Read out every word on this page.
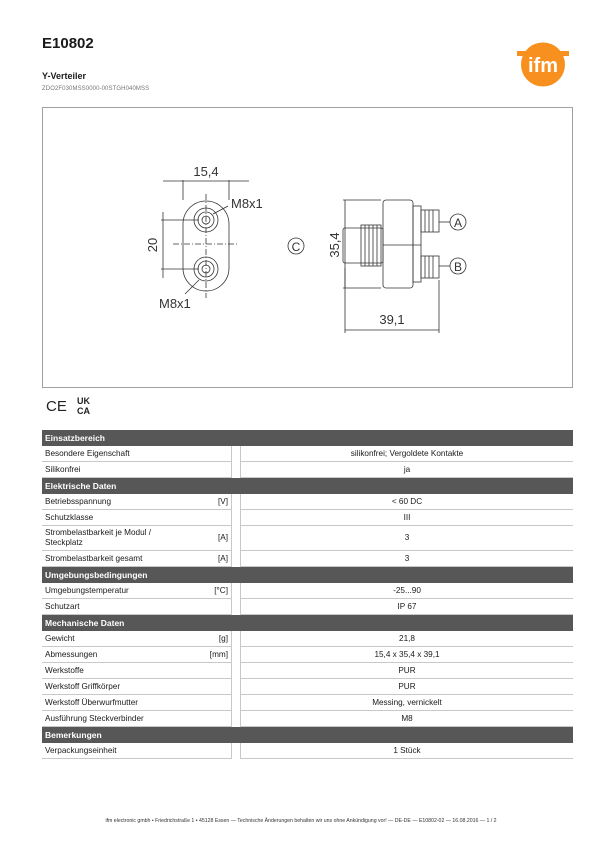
E10802
Y-Verteiler
ZDO2F030MSS0000-00STGH040MSS
ifm
15,4
20
M8x1
M8x1
35,4
39,1
C
A
B
CE UK
CA
Einsatzbereich			
Besondere Eigenschaft			silikonfrei; Vergoldete Kontakte
Silikonfrei			ja
Elektrische Daten			
Betriebsspannung	[V]		< 60 DC
Schutzklasse			III
Strombelastbarkeit je Modul / Steckplatz	[A]		3
Strombelastbarkeit gesamt	[A]		3
Umgebungsbedingungen			
Umgebungstemperatur	[°C]		-25...90
Schutzart			IP 67
Mechanische Daten			
Gewicht	[g]		21,8
Abmessungen	[mm]		15,4 x 35,4 x 39,1
Werkstoffe			PUR
Werkstoff Griffkörper			PUR
Werkstoff Überwurfmutter			Messing, vernickelt
Ausführung Steckverbinder			M8
Bemerkungen			
Verpackungseinheit			1 Stück
ifm electronic gmbh • Friedrichstraße 1 • 45128 Essen — Technische Änderungen behalten wir uns ohne Ankündigung vor! — DE-DE — E10802-02 — 16.08.2016 — 1 / 2
